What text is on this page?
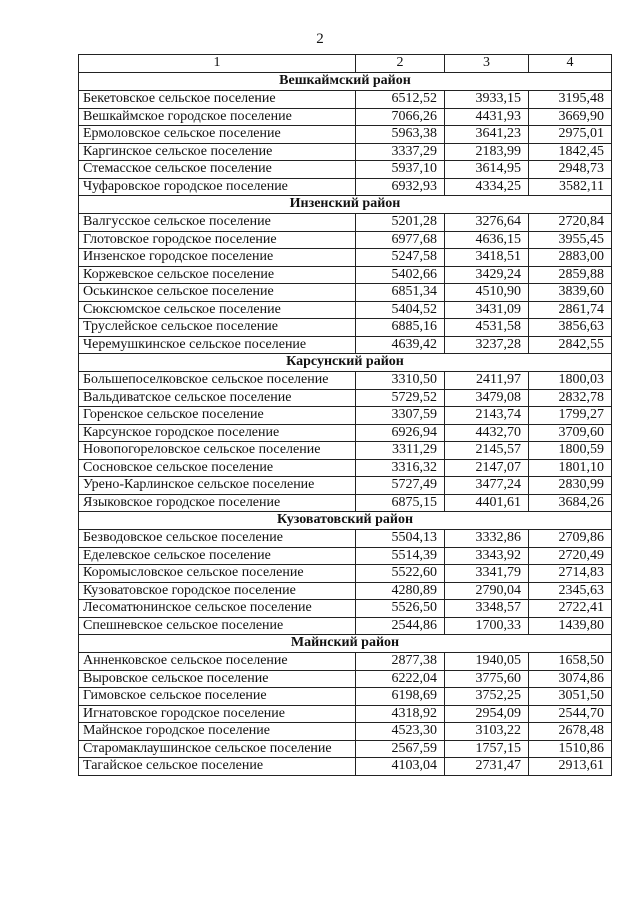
2
1	2	3	4
Вешкаймский район			
Бекетовское сельское поселение	6512,52	3933,15	3195,48
Вешкаймское городское поселение	7066,26	4431,93	3669,90
Ермоловское сельское поселение	5963,38	3641,23	2975,01
Каргинское сельское поселение	3337,29	2183,99	1842,45
Стемасское сельское поселение	5937,10	3614,95	2948,73
Чуфаровское городское поселение	6932,93	4334,25	3582,11
Инзенский район			
Валгусское сельское поселение	5201,28	3276,64	2720,84
Глотовское городское поселение	6977,68	4636,15	3955,45
Инзенское городское поселение	5247,58	3418,51	2883,00
Коржевское сельское поселение	5402,66	3429,24	2859,88
Оськинское сельское поселение	6851,34	4510,90	3839,60
Сюксюмское сельское поселение	5404,52	3431,09	2861,74
Труслейское сельское поселение	6885,16	4531,58	3856,63
Черемушкинское сельское поселение	4639,42	3237,28	2842,55
Карсунский район			
Большепоселковское сельское поселение	3310,50	2411,97	1800,03
Вальдиватское сельское поселение	5729,52	3479,08	2832,78
Горенское сельское поселение	3307,59	2143,74	1799,27
Карсунское городское поселение	6926,94	4432,70	3709,60
Новопогореловское сельское поселение	3311,29	2145,57	1800,59
Сосновское сельское поселение	3316,32	2147,07	1801,10
Урено-Карлинское сельское поселение	5727,49	3477,24	2830,99
Языковское городское поселение	6875,15	4401,61	3684,26
Кузоватовский район			
Безводовское сельское поселение	5504,13	3332,86	2709,86
Еделевское сельское поселение	5514,39	3343,92	2720,49
Коромысловское сельское поселение	5522,60	3341,79	2714,83
Кузоватовское городское поселение	4280,89	2790,04	2345,63
Лесоматюнинское сельское поселение	5526,50	3348,57	2722,41
Спешневское сельское поселение	2544,86	1700,33	1439,80
Майнский район			
Анненковское сельское поселение	2877,38	1940,05	1658,50
Выровское сельское поселение	6222,04	3775,60	3074,86
Гимовское сельское поселение	6198,69	3752,25	3051,50
Игнатовское городское поселение	4318,92	2954,09	2544,70
Майнское городское поселение	4523,30	3103,22	2678,48
Старомаклаушинское сельское поселение	2567,59	1757,15	1510,86
Тагайское сельское поселение	4103,04	2731,47	2913,61
